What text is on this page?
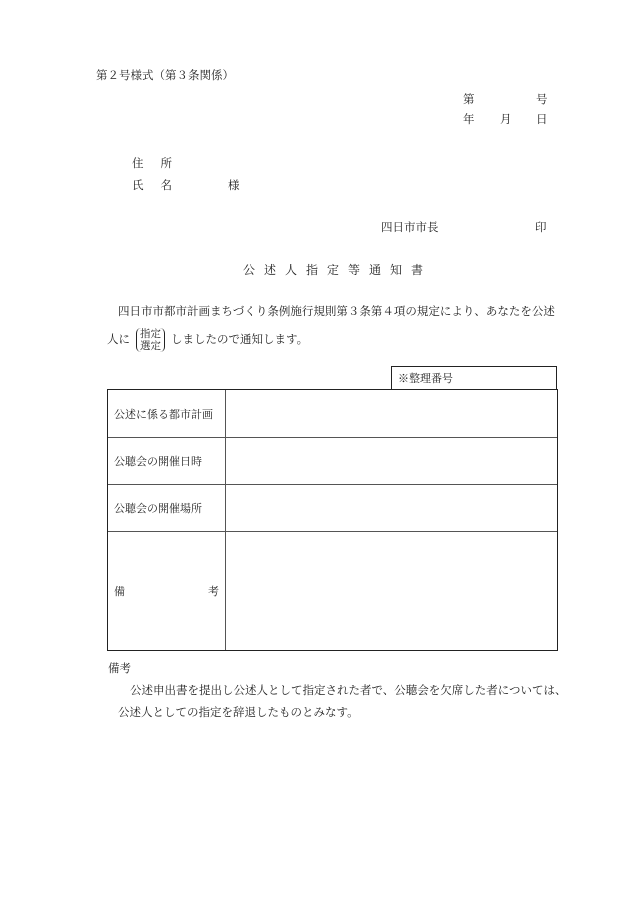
第２号様式（第３条関係）
第	号
年 月 日
住 所
氏 名	様
四日市市長	印
公述人指定等通知書
四日市市都市計画まちづくり条例施行規則第３条第４項の規定により、あなたを公述
人に 指定
選定 しましたので通知します。
※整理番号
公述に係る都市計画
公聴会の開催日時
公聴会の開催場所
備	考
備考
公述申出書を提出し公述人として指定された者で、公聴会を欠席した者については、
公述人としての指定を辞退したものとみなす。
